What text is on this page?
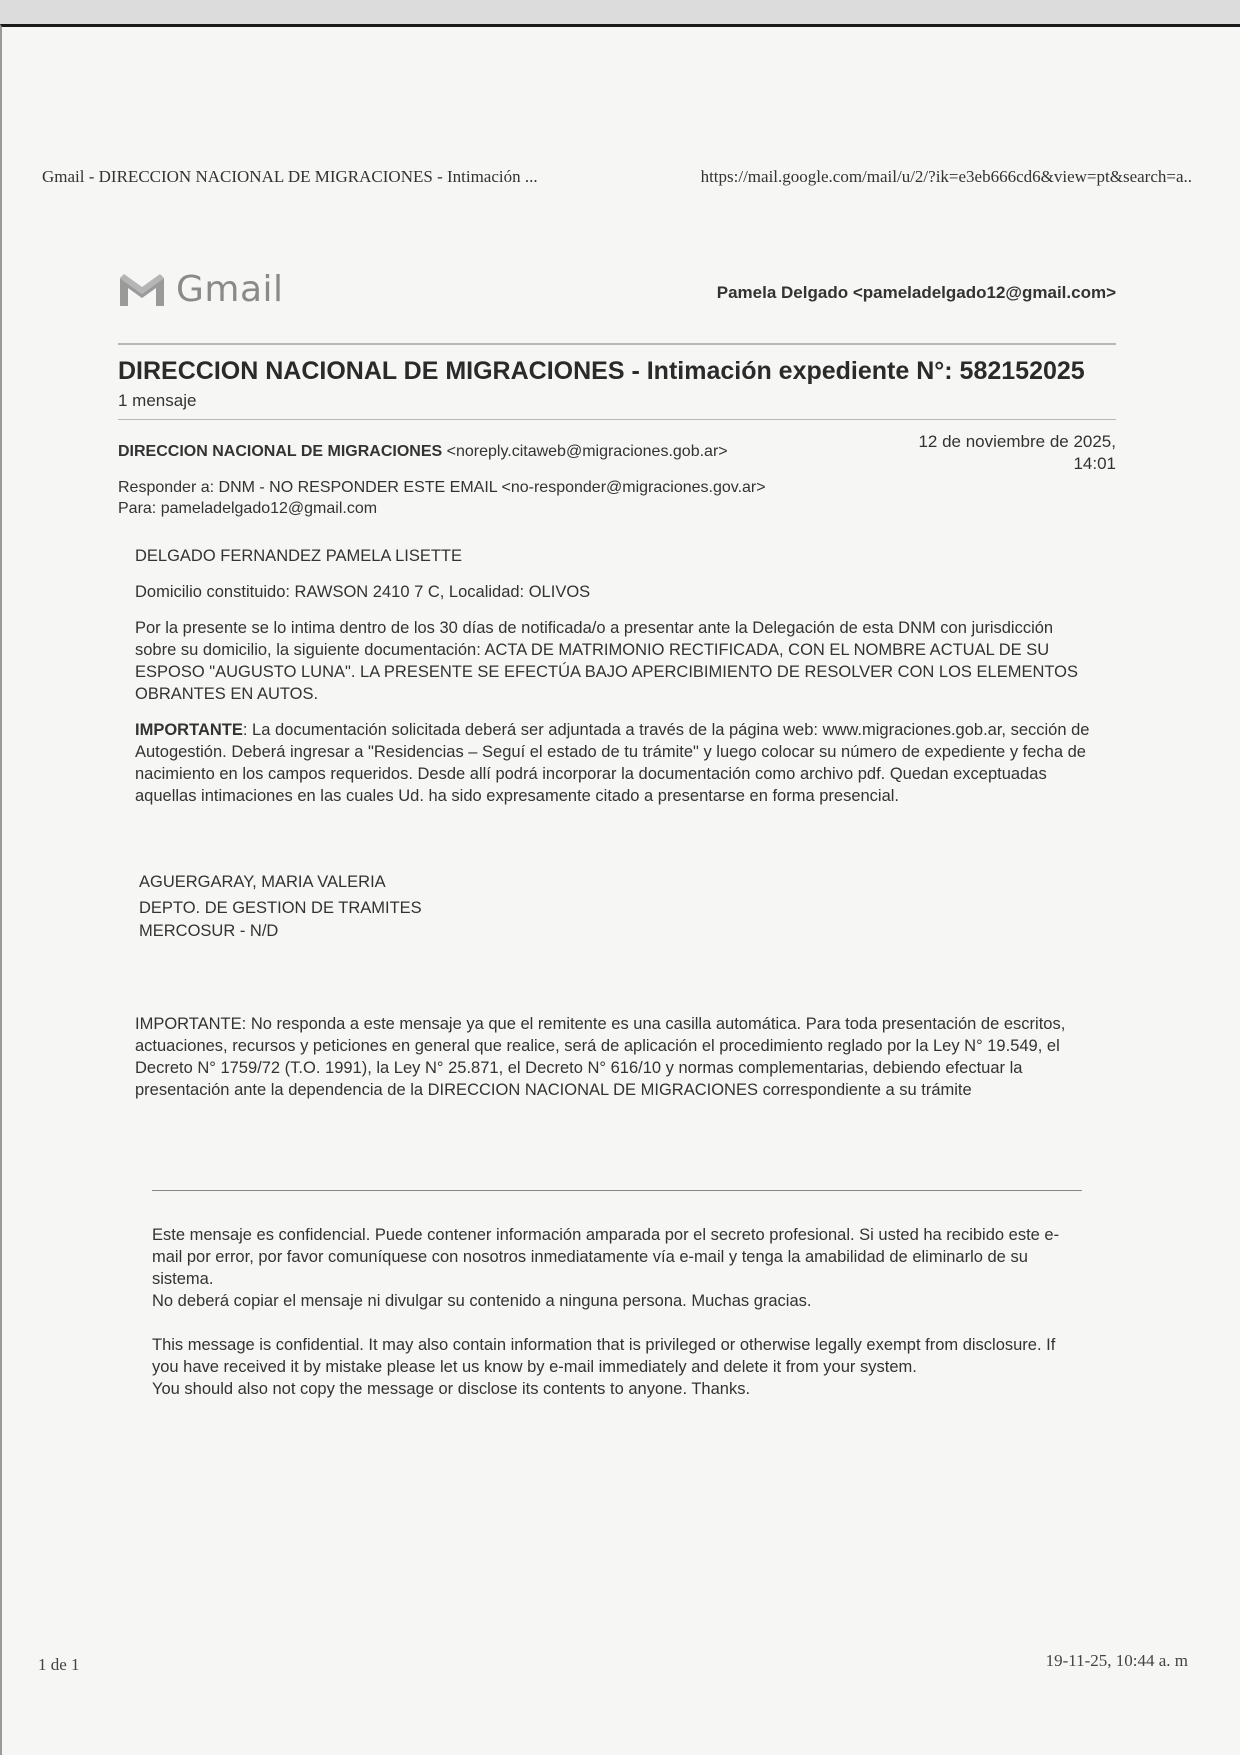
Gmail - DIRECCION NACIONAL DE MIGRACIONES - Intimación ...	https://mail.google.com/mail/u/2/?ik=e3eb666cd6&view=pt&search=a..
Gmail	Pamela Delgado <pameladelgado12@gmail.com>
DIRECCION NACIONAL DE MIGRACIONES - Intimación expediente N°: 582152025
1 mensaje
DIRECCION NACIONAL DE MIGRACIONES <noreply.citaweb@migraciones.gob.ar>
12 de noviembre de 2025,
14:01
Responder a: DNM - NO RESPONDER ESTE EMAIL <no-responder@migraciones.gov.ar>
Para: pameladelgado12@gmail.com

DELGADO FERNANDEZ PAMELA LISETTE

Domicilio constituido: RAWSON 2410 7 C, Localidad: OLIVOS

Por la presente se lo intima dentro de los 30 días de notificada/o a presentar ante la Delegación de esta DNM con jurisdicción sobre su domicilio, la siguiente documentación: ACTA DE MATRIMONIO RECTIFICADA, CON EL NOMBRE ACTUAL DE SU ESPOSO "AUGUSTO LUNA". LA PRESENTE SE EFECTÚA BAJO APERCIBIMIENTO DE RESOLVER CON LOS ELEMENTOS OBRANTES EN AUTOS.

IMPORTANTE: La documentación solicitada deberá ser adjuntada a través de la página web: www.migraciones.gob.ar, sección de Autogestión. Deberá ingresar a "Residencias – Seguí el estado de tu trámite" y luego colocar su número de expediente y fecha de nacimiento en los campos requeridos. Desde allí podrá incorporar la documentación como archivo pdf. Quedan exceptuadas aquellas intimaciones en las cuales Ud. ha sido expresamente citado a presentarse en forma presencial.

AGUERGARAY, MARIA VALERIA
DEPTO. DE GESTION DE TRAMITES
MERCOSUR - N/D

IMPORTANTE: No responda a este mensaje ya que el remitente es una casilla automática. Para toda presentación de escritos, actuaciones, recursos y peticiones en general que realice, será de aplicación el procedimiento reglado por la Ley N° 19.549, el Decreto N° 1759/72 (T.O. 1991), la Ley N° 25.871, el Decreto N° 616/10 y normas complementarias, debiendo efectuar la presentación ante la dependencia de la DIRECCION NACIONAL DE MIGRACIONES correspondiente a su trámite

Este mensaje es confidencial. Puede contener información amparada por el secreto profesional. Si usted ha recibido este e-mail por error, por favor comuníquese con nosotros inmediatamente vía e-mail y tenga la amabilidad de eliminarlo de su sistema.

No deberá copiar el mensaje ni divulgar su contenido a ninguna persona. Muchas gracias.

This message is confidential. It may also contain information that is privileged or otherwise legally exempt from disclosure. If you have received it by mistake please let us know by e-mail immediately and delete it from your system.

You should also not copy the message or disclose its contents to anyone. Thanks.

1 de 1	19-11-25, 10:44 a. m
